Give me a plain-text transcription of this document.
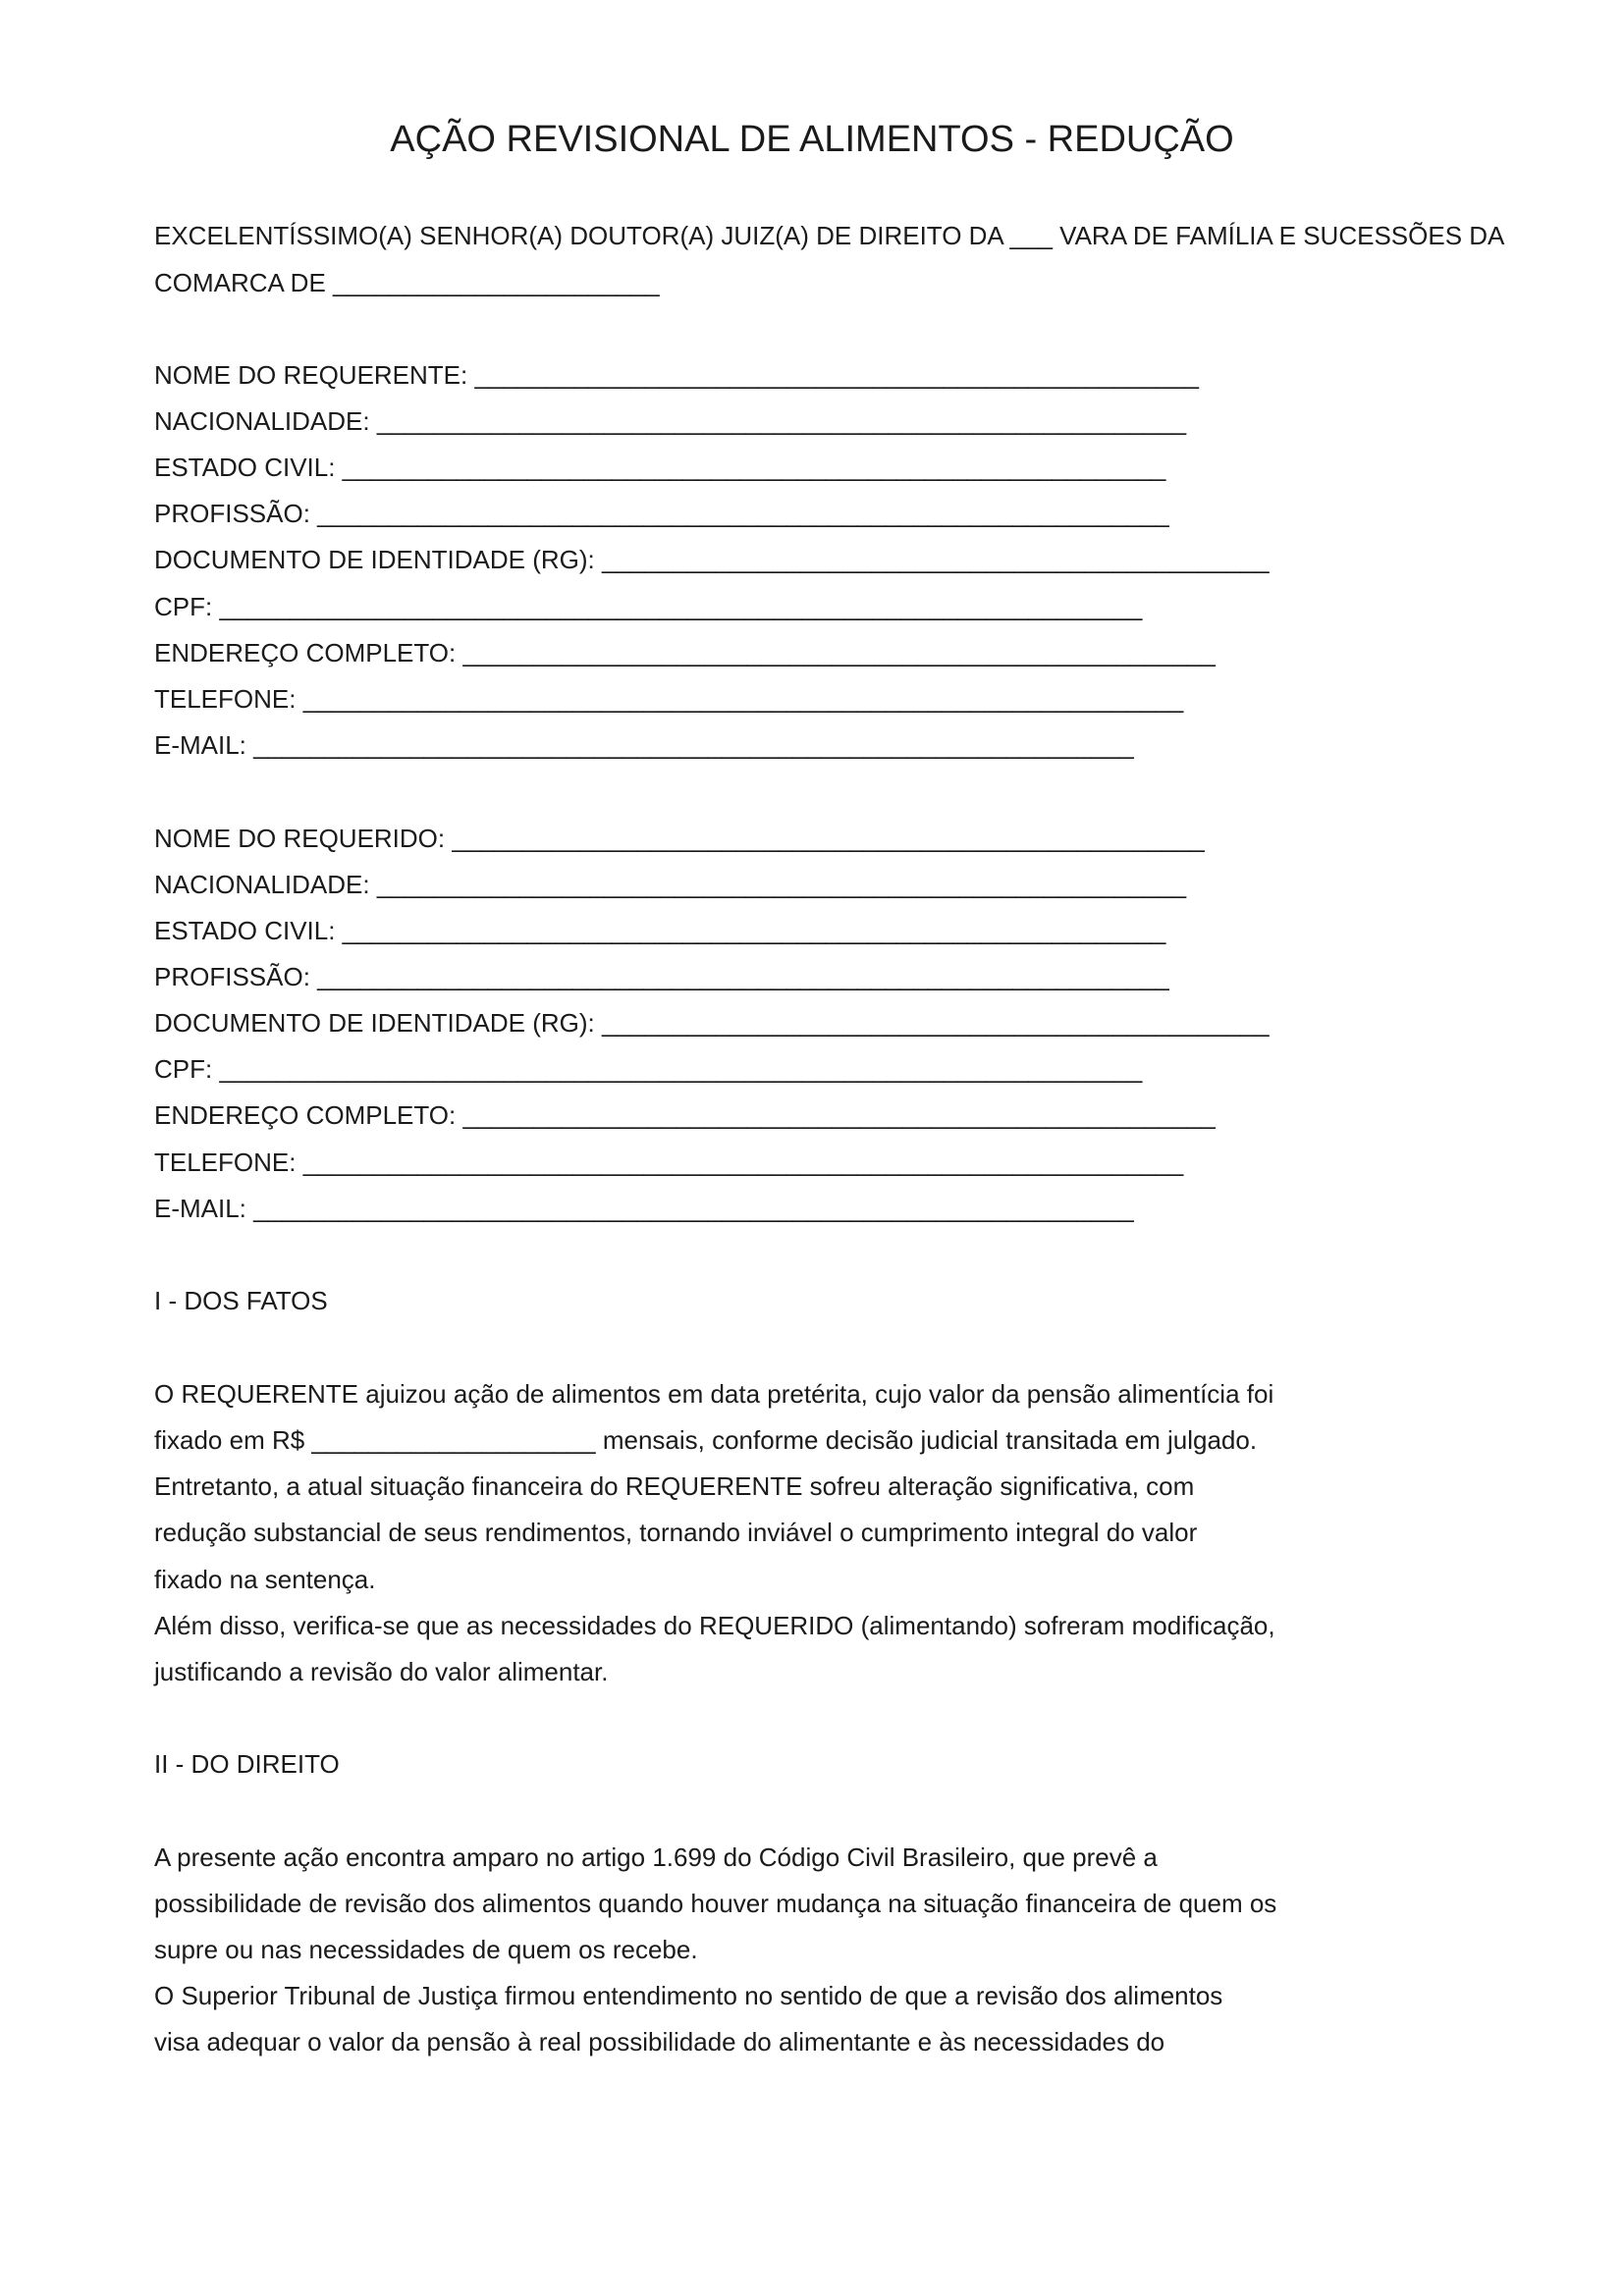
AÇÃO REVISIONAL DE ALIMENTOS - REDUÇÃO
EXCELENTÍSSIMO(A) SENHOR(A) DOUTOR(A) JUIZ(A) DE DIREITO DA ___ VARA DE FAMÍLIA E SUCESSÕES DA
COMARCA DE _______________________
NOME DO REQUERENTE: ___________________________________________________
NACIONALIDADE: _________________________________________________________
ESTADO CIVIL: __________________________________________________________
PROFISSÃO: ____________________________________________________________
DOCUMENTO DE IDENTIDADE (RG): _______________________________________________
CPF: _________________________________________________________________
ENDEREÇO COMPLETO: _____________________________________________________
TELEFONE: ______________________________________________________________
E-MAIL: ______________________________________________________________
NOME DO REQUERIDO: _____________________________________________________
NACIONALIDADE: _________________________________________________________
ESTADO CIVIL: __________________________________________________________
PROFISSÃO: ____________________________________________________________
DOCUMENTO DE IDENTIDADE (RG): _______________________________________________
CPF: _________________________________________________________________
ENDEREÇO COMPLETO: _____________________________________________________
TELEFONE: ______________________________________________________________
E-MAIL: ______________________________________________________________
I - DOS FATOS
O REQUERENTE ajuizou ação de alimentos em data pretérita, cujo valor da pensão alimentícia foi
fixado em R$ ____________________ mensais, conforme decisão judicial transitada em julgado.
Entretanto, a atual situação financeira do REQUERENTE sofreu alteração significativa, com
redução substancial de seus rendimentos, tornando inviável o cumprimento integral do valor
fixado na sentença.
Além disso, verifica-se que as necessidades do REQUERIDO (alimentando) sofreram modificação,
justificando a revisão do valor alimentar.
II - DO DIREITO
A presente ação encontra amparo no artigo 1.699 do Código Civil Brasileiro, que prevê a
possibilidade de revisão dos alimentos quando houver mudança na situação financeira de quem os
supre ou nas necessidades de quem os recebe.
O Superior Tribunal de Justiça firmou entendimento no sentido de que a revisão dos alimentos
visa adequar o valor da pensão à real possibilidade do alimentante e às necessidades do
